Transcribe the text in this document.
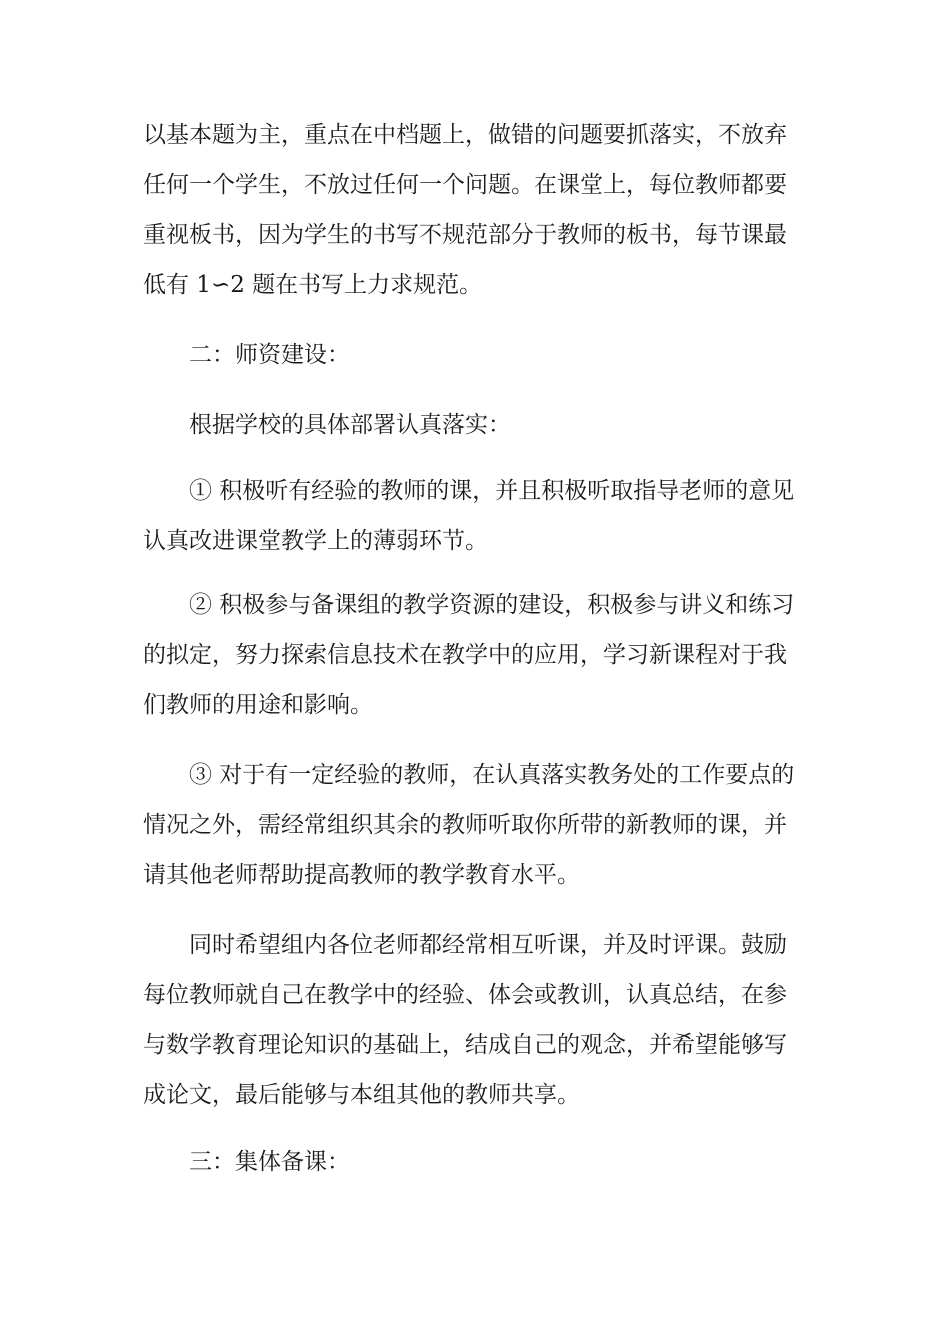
以基本题为主，重点在中档题上，做错的问题要抓落实，不放弃
任何一个学生，不放过任何一个问题。在课堂上，每位教师都要
重视板书，因为学生的书写不规范部分于教师的板书，每节课最
低有 1∽2 题在书写上力求规范。

二：师资建设：

根据学校的具体部署认真落实：

① 积极听有经验的教师的课，并且积极听取指导老师的意见
认真改进课堂教学上的薄弱环节。

② 积极参与备课组的教学资源的建设，积极参与讲义和练习
的拟定，努力探索信息技术在教学中的应用，学习新课程对于我
们教师的用途和影响。

③ 对于有一定经验的教师，在认真落实教务处的工作要点的
情况之外，需经常组织其余的教师听取你所带的新教师的课，并
请其他老师帮助提高教师的教学教育水平。

同时希望组内各位老师都经常相互听课，并及时评课。鼓励
每位教师就自己在教学中的经验、体会或教训，认真总结，在参
与数学教育理论知识的基础上，结成自己的观念，并希望能够写
成论文，最后能够与本组其他的教师共享。

三：集体备课：
